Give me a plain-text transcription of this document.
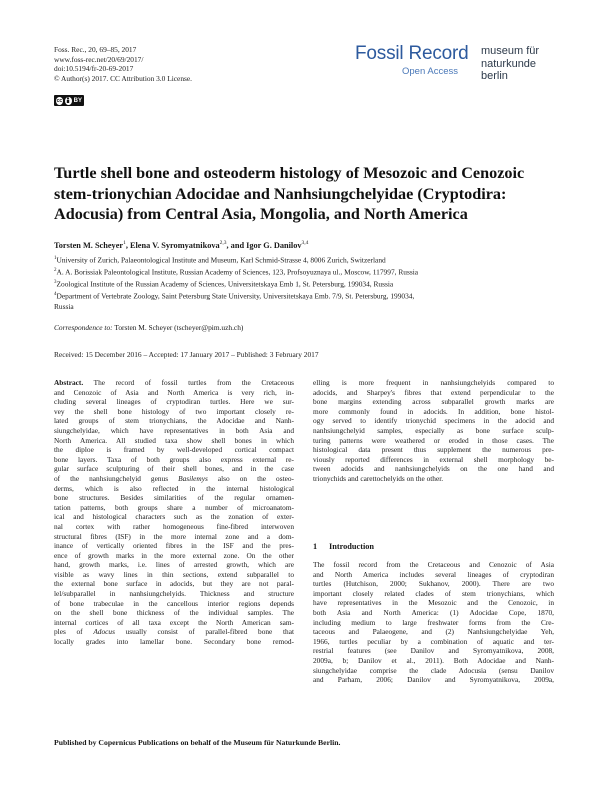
Foss. Rec., 20, 69–85, 2017
www.foss-rec.net/20/69/2017/
doi:10.5194/fr-20-69-2017
© Author(s) 2017. CC Attribution 3.0 License.
cc BY
Fossil Record
Open Access
museum für
naturkunde
berlin
Turtle shell bone and osteoderm histology of Mesozoic and Cenozoic
stem-trionychian Adocidae and Nanhsiungchelyidae (Cryptodira:
Adocusia) from Central Asia, Mongolia, and North America
Torsten M. Scheyer$^1$, Elena V. Syromyatnikova$^{2,3}$, and Igor G. Danilov$^{3,4}$
$^1$University of Zurich, Palaeontological Institute and Museum, Karl Schmid-Strasse 4, 8006 Zurich, Switzerland
$^2$A. A. Borissiak Paleontological Institute, Russian Academy of Sciences, 123, Profsoyuznaya ul., Moscow, 117997, Russia
$^3$Zoological Institute of the Russian Academy of Sciences, Universitetskaya Emb 1, St. Petersburg, 199034, Russia
$^4$Department of Vertebrate Zoology, Saint Petersburg State University, Universitetskaya Emb. 7/9, St. Petersburg, 199034,
Russia
Correspondence to: Torsten M. Scheyer (tscheyer@pim.uzh.ch)
Received: 15 December 2016 – Accepted: 17 January 2017 – Published: 3 February 2017
Abstract. The record of fossil turtles from the Cretaceous
and Cenozoic of Asia and North America is very rich, in-
cluding several lineages of cryptodiran turtles. Here we sur-
vey the shell bone histology of two important closely re-
lated groups of stem trionychians, the Adocidae and Nanh-
siungchelyidae, which have representatives in both Asia and
North America. All studied taxa show shell bones in which
the diploe is framed by well-developed cortical compact
bone layers. Taxa of both groups also express external re-
gular surface sculpturing of their shell bones, and in the case
of the nanhsiungchelyid genus Basilemys also on the osteo-
derms, which is also reflected in the internal histological
bone structures. Besides similarities of the regular ornamen-
tation patterns, both groups share a number of microanatom-
ical and histological characters such as the zonation of exter-
nal cortex with rather homogeneous fine-fibred interwoven
structural fibres (ISF) in the more internal zone and a dom-
inance of vertically oriented fibres in the ISF and the pres-
ence of growth marks in the more external zone. On the other
hand, growth marks, i.e. lines of arrested growth, which are
visible as wavy lines in thin sections, extend subparallel to
the external bone surface in adocids, but they are not paral-
lel/subparallel in nanhsiungchelyids. Thickness and structure
of bone trabeculae in the cancellous interior regions depends
on the shell bone thickness of the individual samples. The
internal cortices of all taxa except the North American sam-
ples of Adocus usually consist of parallel-fibred bone that
locally grades into lamellar bone. Secondary bone remod-
elling is more frequent in nanhsiungchelyids compared to
adocids, and Sharpey's fibres that extend perpendicular to the
bone margins extending across subparallel growth marks are
more commonly found in adocids. In addition, bone histol-
ogy served to identify trionychid specimens in the adocid and
nanhsiungchelyid samples, especially as bone surface sculp-
turing patterns were weathered or eroded in those cases. The
histological data present thus supplement the numerous pre-
viously reported differences in external shell morphology be-
tween adocids and nanhsiungchelyids on the one hand and
trionychids and carettochelyids on the other.
1 Introduction
The fossil record from the Cretaceous and Cenozoic of Asia
and North America includes several lineages of cryptodiran
turtles (Hutchison, 2000; Sukhanov, 2000). There are two
important closely related clades of stem trionychians, which
have representatives in the Mesozoic and the Cenozoic, in
both Asia and North America: (1) Adocidae Cope, 1870,
including medium to large freshwater forms from the Cre-
taceous and Palaeogene, and (2) Nanhsiungchelyidae Yeh,
1966, turtles peculiar by a combination of aquatic and ter-
restrial features (see Danilov and Syromyatnikova, 2008,
2009a, b; Danilov et al., 2011). Both Adocidae and Nanh-
siungchelyidae comprise the clade Adocusia (sensu Danilov
and Parham, 2006; Danilov and Syromyatnikova, 2009a,
Published by Copernicus Publications on behalf of the Museum für Naturkunde Berlin.
